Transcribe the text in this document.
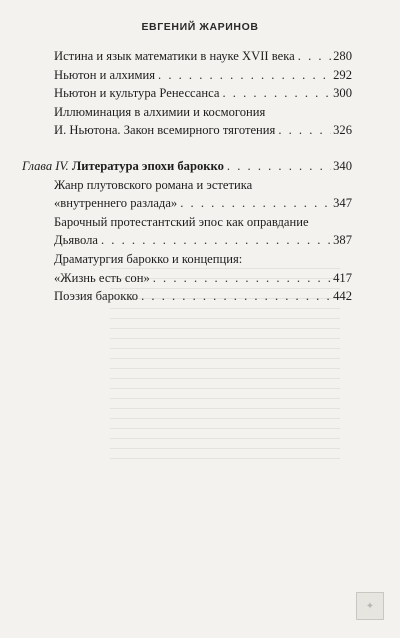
ЕВГЕНИЙ ЖАРИНОВ
Истина и язык математики в науке XVII века . . .	280
Ньютон и алхимия . . .	292
Ньютон и культура Ренессанса . . .	300
Иллюминация в алхимии и космогония
И. Ньютона. Закон всемирного тяготения . . .	326
Глава IV. Литература эпохи барокко . . .	340
Жанр плутовского романа и эстетика
«внутреннего разлада» . . .	347
Барочный протестантский эпос как оправдание
Дьявола . . .	387
Драматургия барокко и концепция:
«Жизнь есть сон» . . .	417
Поэзия барокко . . .	442
✦
